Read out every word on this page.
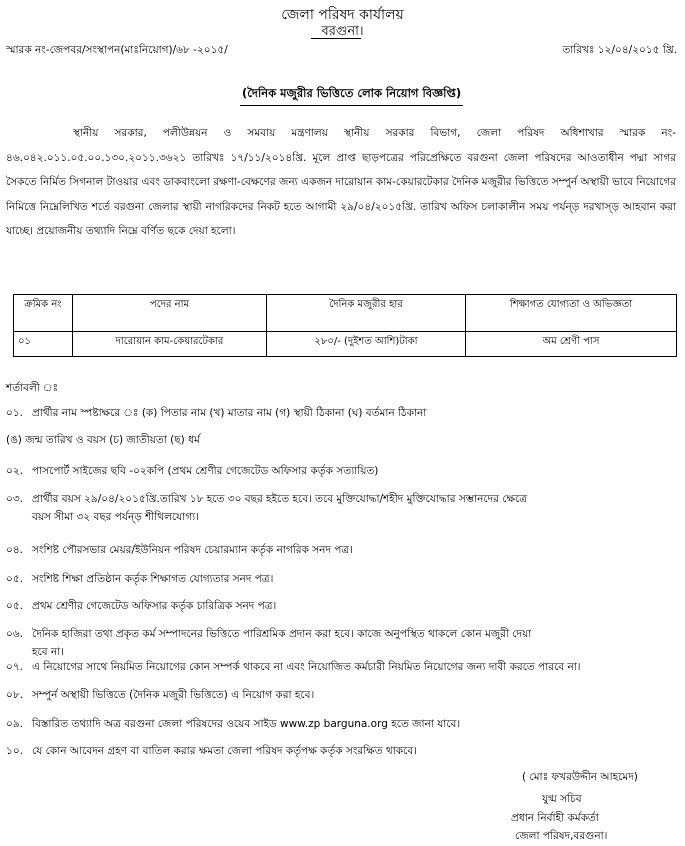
জেলা পরিষদ কার্যালয়
বরগুনা।
স্মারক নং-জেপবর/সংস্থাপন(মাঃনিয়োগ)/৬৮ -২০১৫/	তারিখঃ ১২/০৪/২০১৫ খ্রি.
(দৈনিক মজুরীর ভিত্তিতে লোক নিয়োগ বিজ্ঞপ্তি)
স্থানীয় সরকার, পলীউন্নয়ন ও সমবায় মন্ত্রণালয় স্থানীয় সরকার বিভাগ, জেলা পরিষদ অধিশাখার স্মারক নং- ৪৬.০৪২.০১১.০৫.০০.১৩০.২০১১.৩৬২১ তারিখঃ ১৭/১১/২০১৪খ্রি. মূলে প্রাপ্ত ছাড়পত্রের পরিপ্রেক্ষিতে বরগুনা জেলা পরিষদের আওতাধীন পদ্মা সাগর সৈকতে নির্মিত সিগনাল টাওয়ার এবং ডাকবাংলো রক্ষণা-বেক্ষণের জন্য একজন দারোয়ান কাম-কেয়ারটেকার দৈনিক মজুরীর ভিত্তিতে সম্পুর্ন অস্থায়ী ভাবে নিয়োগের নিমিত্তে নিম্নেলিখিত শর্তে বরগুনা জেলার স্থায়ী নাগরিকদের নিকট হতে আগামী ২৯/০৪/২০১৫খ্রি. তারিখ অফিস চলাকালীন সময় পর্যন্ড় দরখাস্ড় আহবান করা যাচ্ছে। প্রয়োজনীয় তথ্যাদি নিম্নে বর্ণিত ছকে দেয়া হলো।
ক্রমিক নং	পদের নাম	দৈনিক মজুরীর হার	শিক্ষাগত যোগ্যতা ও অভিজ্ঞতা
০১	দারোয়ান কাম-কেয়ারটেকার	২৮০/- (দুইশত আশি)টাকা	অম শ্রেণী পাস
শর্তাবলী ঃ
০১. প্রার্থীর নাম স্পষ্টাক্ষরে ঃ (ক) পিতার নাম (খ) মাতার নাম (গ) স্থায়ী ঠিকানা (ঘ) বর্তমান ঠিকানা
(ঙ) জন্ম তারিখ ও বয়স (চ) জাতীয়তা (ছ) ধর্ম
০২. পাসপোর্ট সাইজের ছবি -০২কপি (প্রথম শ্রেণীর গেজেটেড অফিসার কর্তৃক সত্যায়িত)
০৩. প্রার্থীর বয়স ২৯/০৪/২০১৫খ্রি.তারিখ ১৮ হতে ৩০ বছর হইতে হবে। তবে মুক্তিযোদ্ধা/শহীদ মুক্তিযোদ্ধার সম্ভানদের ক্ষেত্রে
বয়স সীমা ৩২ বছর পর্যন্ড় শীথিলযোগ্য।
০৪. সংশিষ্ট পৌরসভার মেয়র/ইউনিয়ন পরিষদ চেয়ারম্যান কর্তৃক নাগরিক সনদ পত্র।
০৫. সংশিষ্ট শিক্ষা প্রতিষ্ঠান কর্তৃক শিক্ষাগত যোগ্যতার সনদ পত্র।
০৫. প্রথম শ্রেণীর গেজেটেড অফিসার কর্তৃক চারিত্রিক সনদ পত্র।
০৬. দৈনিক হাজিরা তথা প্রকৃত কর্ম সম্পাদনের ভিত্তিতে পারিশ্রমিক প্রদান করা হবে। কাজে অনুপস্থিত থাকলে কোন মজুরী দেয়া
হবে না।
০৭. এ নিয়োগের সাথে নিয়মিত নিয়োগের কোন সম্পর্ক থাকবে না এবং নিয়োজিত কর্মচারী নিয়মিত নিয়োগের জন্য দাবী করতে পারবে না।
০৮. সম্পুর্ন অস্থায়ী ভিত্তিতে (দৈনিক মজুরী ভিত্তিতে) এ নিয়োগ করা হবে।
০৯. বিস্তারিত তথ্যাদি অত্র বরগুনা জেলা পরিষদের ওয়েব সাইড www.zp barguna.org হতে জানা যাবে।
১০. যে কোন আবেদন গ্রহণ বা বাতিল করার ক্ষমতা জেলা পরিষদ কর্তৃপক্ষ কর্তৃক সংরক্ষিত থাকবে।
( মোঃ ফখরউদ্দীন আহমেদ)
যুগ্ম সচিব
প্রধান নির্বাহী কর্মকর্তা
জেলা পরিষদ,বরগুনা।
